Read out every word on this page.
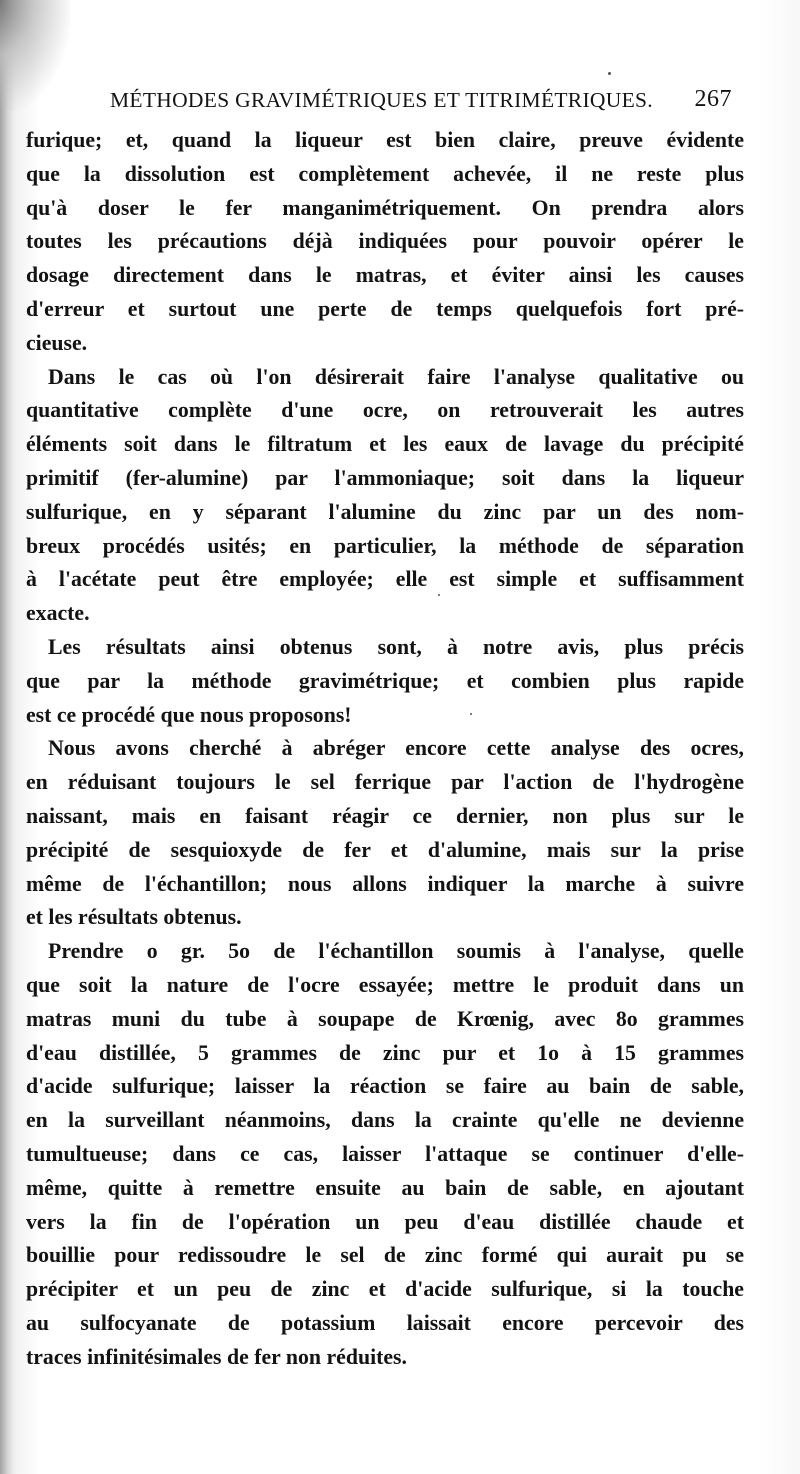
MÉTHODES GRAVIMÉTRIQUES ET TITRIMÉTRIQUES. 267

furique; et, quand la liqueur est bien claire, preuve évidente

que la dissolution est complètement achevée, il ne reste plus

qu'à doser le fer manganimétriquement. On prendra alors

toutes les précautions déjà indiquées pour pouvoir opérer le

dosage directement dans le matras, et éviter ainsi les causes

d'erreur et surtout une perte de temps quelquefois fort pré-

cieuse.

Dans le cas où l'on désirerait faire l'analyse qualitative ou

quantitative complète d'une ocre, on retrouverait les autres

éléments soit dans le filtratum et les eaux de lavage du précipité

primitif (fer-alumine) par l'ammoniaque; soit dans la liqueur

sulfurique, en y séparant l'alumine du zinc par un des nom-

breux procédés usités; en particulier, la méthode de séparation

à l'acétate peut être employée; elle est simple et suffisamment

exacte.

Les résultats ainsi obtenus sont, à notre avis, plus précis

que par la méthode gravimétrique; et combien plus rapide

est ce procédé que nous proposons!

Nous avons cherché à abréger encore cette analyse des ocres,

en réduisant toujours le sel ferrique par l'action de l'hydrogène

naissant, mais en faisant réagir ce dernier, non plus sur le

précipité de sesquioxyde de fer et d'alumine, mais sur la prise

même de l'échantillon; nous allons indiquer la marche à suivre

et les résultats obtenus.

Prendre o gr. 5o de l'échantillon soumis à l'analyse, quelle

que soit la nature de l'ocre essayée; mettre le produit dans un

matras muni du tube à soupape de Krœnig, avec 8o grammes

d'eau distillée, 5 grammes de zinc pur et 1o à 15 grammes

d'acide sulfurique; laisser la réaction se faire au bain de sable,

en la surveillant néanmoins, dans la crainte qu'elle ne devienne

tumultueuse; dans ce cas, laisser l'attaque se continuer d'elle-

même, quitte à remettre ensuite au bain de sable, en ajoutant

vers la fin de l'opération un peu d'eau distillée chaude et

bouillie pour redissoudre le sel de zinc formé qui aurait pu se

précipiter et un peu de zinc et d'acide sulfurique, si la touche

au sulfocyanate de potassium laissait encore percevoir des

traces infinitésimales de fer non réduites.
